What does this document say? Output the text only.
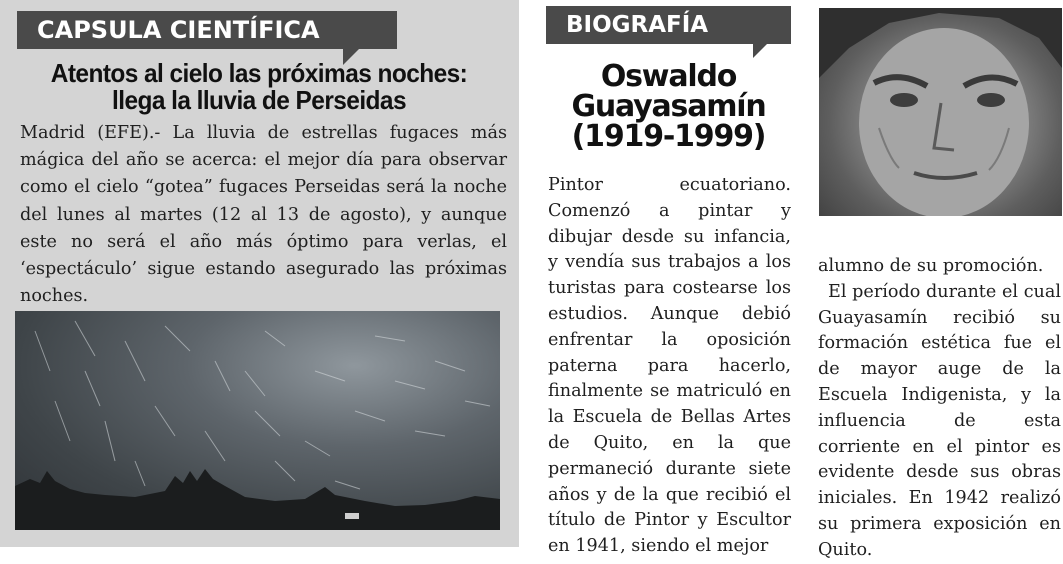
CAPSULA CIENTÍFICA
Atentos al cielo las próximas noches: llega la lluvia de Perseidas

Madrid (EFE).- La lluvia de estrellas fugaces más mágica del año se acerca: el mejor día para observar como el cielo “gotea” fugaces Perseidas será la noche del lunes al martes (12 al 13 de agosto), y aunque este no será el año más óptimo para verlas, el ‘espectáculo’ sigue estando asegurado las próximas noches.

BIOGRAFÍA
Oswaldo
Guayasamín
(1919-1999)

Pintor ecuatoriano. Comenzó a pintar y dibujar desde su infancia, y vendía sus trabajos a los turistas para costearse los estudios. Aunque debió enfrentar la oposición paterna para hacerlo, finalmente se matriculó en la Escuela de Bellas Artes de Quito, en la que permaneció durante siete años y de la que recibió el título de Pintor y Escultor en 1941, siendo el mejor

alumno de su promoción.

El período durante el cual Guayasamín recibió su formación estética fue el de mayor auge de la Escuela Indigenista, y la influencia de esta corriente en el pintor es evidente desde sus obras iniciales. En 1942 realizó su primera exposición en Quito.
